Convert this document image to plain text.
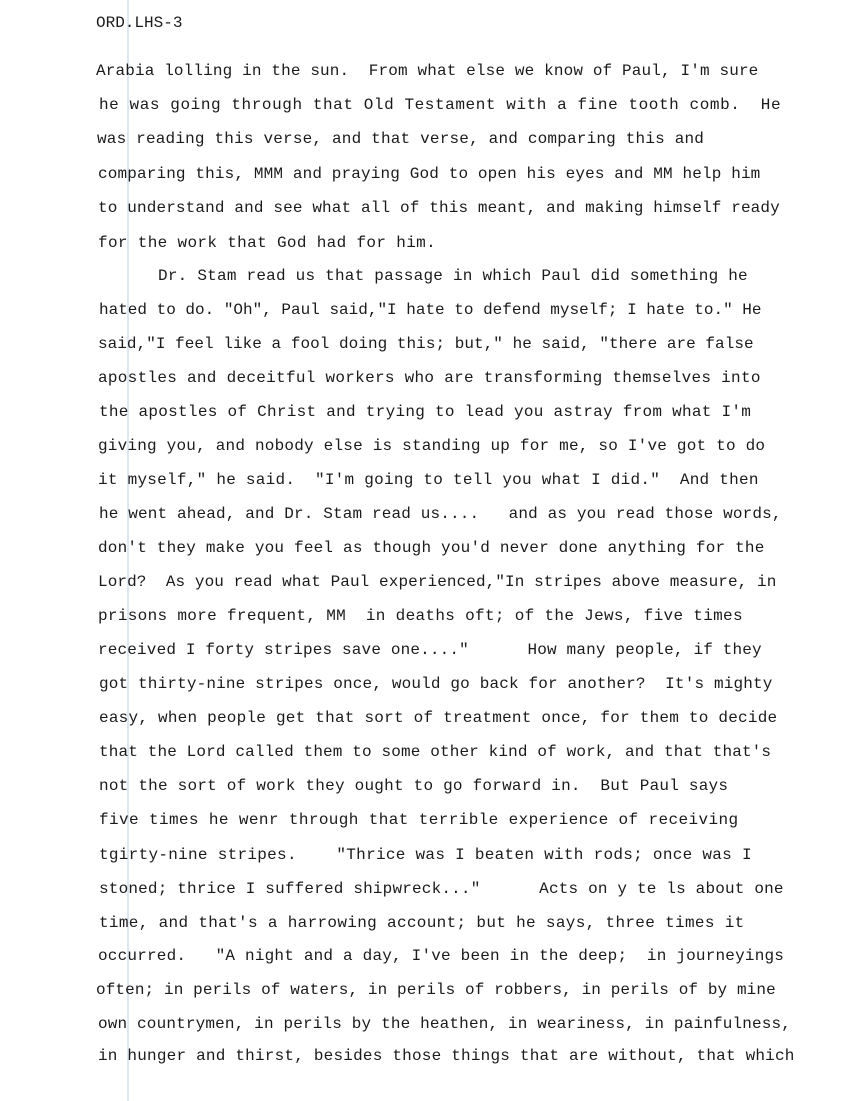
ORD.LHS-3
Arabia lolling in the sun.  From what else we know of Paul, I'm sure
he was going through that Old Testament with a fine tooth comb.  He
was reading this verse, and that verse, and comparing this and
comparing this, MMM and praying God to open his eyes and MM help him
to understand and see what all of this meant, and making himself ready
for the work that God had for him.
Dr. Stam read us that passage in which Paul did something he
hated to do. "Oh", Paul said,"I hate to defend myself; I hate to." He
said,"I feel like a fool doing this; but," he said, "there are false
apostles and deceitful workers who are transforming themselves into
the apostles of Christ and trying to lead you astray from what I'm
giving you, and nobody else is standing up for me, so I've got to do
it myself," he said.  "I'm going to tell you what I did."  And then
he went ahead, and Dr. Stam read us....   and as you read those words,
don't they make you feel as though you'd never done anything for the
Lord?  As you read what Paul experienced,"In stripes above measure, in
prisons more frequent, MM  in deaths oft; of the Jews, five times
received I forty stripes save one...."      How many people, if they
got thirty-nine stripes once, would go back for another?  It's mighty
easy, when people get that sort of treatment once, for them to decide
that the Lord called them to some other kind of work, and that that's
not the sort of work they ought to go forward in.  But Paul says
five times he wenr through that terrible experience of receiving
tgirty-nine stripes.    "Thrice was I beaten with rods; once was I
stoned; thrice I suffered shipwreck..."      Acts on y te ls about one
time, and that's a harrowing account; but he says, three times it
occurred.   "A night and a day, I've been in the deep;  in journeyings
often; in perils of waters, in perils of robbers, in perils of by mine
own countrymen, in perils by the heathen, in weariness, in painfulness,
in hunger and thirst, besides those things that are without, that which
